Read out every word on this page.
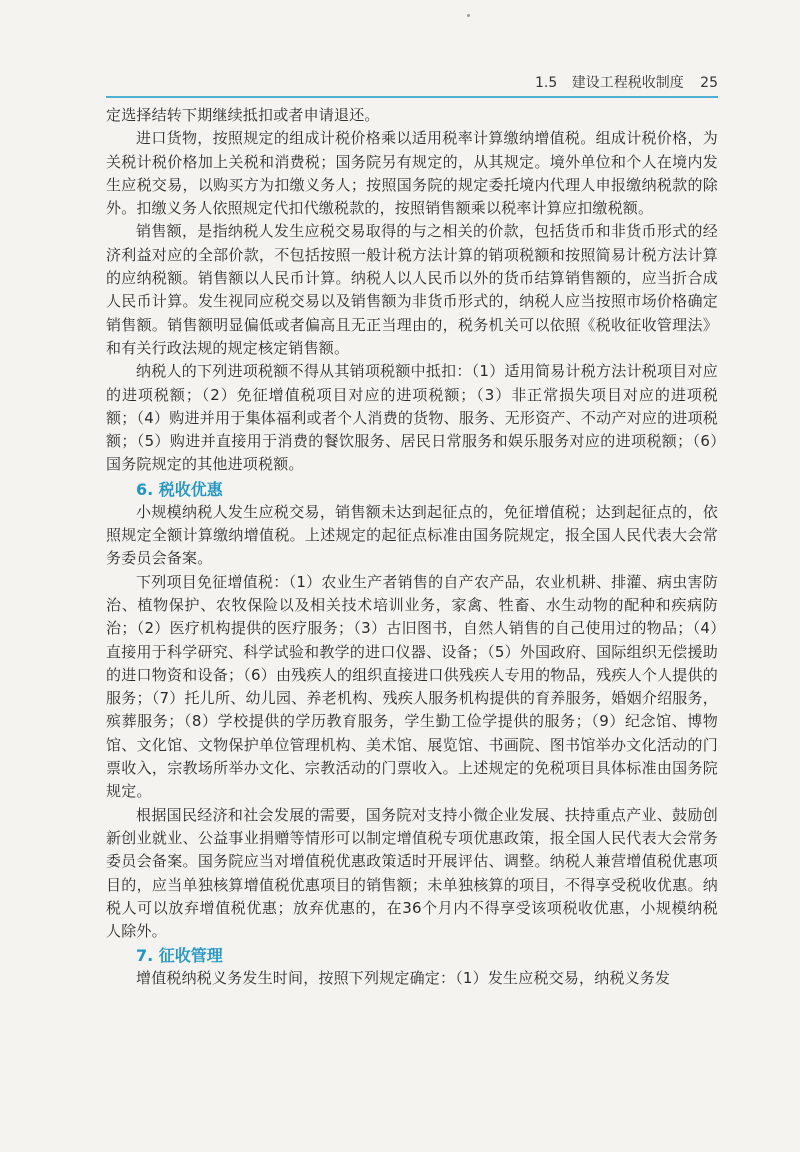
1.5 建设工程税收制度 25

定选择结转下期继续抵扣或者申请退还。

进口货物，按照规定的组成计税价格乘以适用税率计算缴纳增值税。组成计税价格，为关税计税价格加上关税和消费税；国务院另有规定的，从其规定。境外单位和个人在境内发生应税交易，以购买方为扣缴义务人；按照国务院的规定委托境内代理人申报缴纳税款的除外。扣缴义务人依照规定代扣代缴税款的，按照销售额乘以税率计算应扣缴税额。

销售额，是指纳税人发生应税交易取得的与之相关的价款，包括货币和非货币形式的经济利益对应的全部价款，不包括按照一般计税方法计算的销项税额和按照简易计税方法计算的应纳税额。销售额以人民币计算。纳税人以人民币以外的货币结算销售额的，应当折合成人民币计算。发生视同应税交易以及销售额为非货币形式的，纳税人应当按照市场价格确定销售额。销售额明显偏低或者偏高且无正当理由的，税务机关可以依照《税收征收管理法》和有关行政法规的规定核定销售额。

纳税人的下列进项税额不得从其销项税额中抵扣：（1）适用简易计税方法计税项目对应的进项税额；（2）免征增值税项目对应的进项税额；（3）非正常损失项目对应的进项税额；（4）购进并用于集体福利或者个人消费的货物、服务、无形资产、不动产对应的进项税额；（5）购进并直接用于消费的餐饮服务、居民日常服务和娱乐服务对应的进项税额；（6）国务院规定的其他进项税额。

6. 税收优惠

小规模纳税人发生应税交易，销售额未达到起征点的，免征增值税；达到起征点的，依照规定全额计算缴纳增值税。上述规定的起征点标准由国务院规定，报全国人民代表大会常务委员会备案。

下列项目免征增值税：（1）农业生产者销售的自产农产品，农业机耕、排灌、病虫害防治、植物保护、农牧保险以及相关技术培训业务，家禽、牲畜、水生动物的配种和疾病防治；（2）医疗机构提供的医疗服务；（3）古旧图书，自然人销售的自己使用过的物品；（4）直接用于科学研究、科学试验和教学的进口仪器、设备；（5）外国政府、国际组织无偿援助的进口物资和设备；（6）由残疾人的组织直接进口供残疾人专用的物品，残疾人个人提供的服务；（7）托儿所、幼儿园、养老机构、残疾人服务机构提供的育养服务，婚姻介绍服务，殡葬服务；（8）学校提供的学历教育服务，学生勤工俭学提供的服务；（9）纪念馆、博物馆、文化馆、文物保护单位管理机构、美术馆、展览馆、书画院、图书馆举办文化活动的门票收入，宗教场所举办文化、宗教活动的门票收入。上述规定的免税项目具体标准由国务院规定。

根据国民经济和社会发展的需要，国务院对支持小微企业发展、扶持重点产业、鼓励创新创业就业、公益事业捐赠等情形可以制定增值税专项优惠政策，报全国人民代表大会常务委员会备案。国务院应当对增值税优惠政策适时开展评估、调整。纳税人兼营增值税优惠项目的，应当单独核算增值税优惠项目的销售额；未单独核算的项目，不得享受税收优惠。纳税人可以放弃增值税优惠；放弃优惠的，在36个月内不得享受该项税收优惠，小规模纳税人除外。

7. 征收管理

增值税纳税义务发生时间，按照下列规定确定：（1）发生应税交易，纳税义务发
